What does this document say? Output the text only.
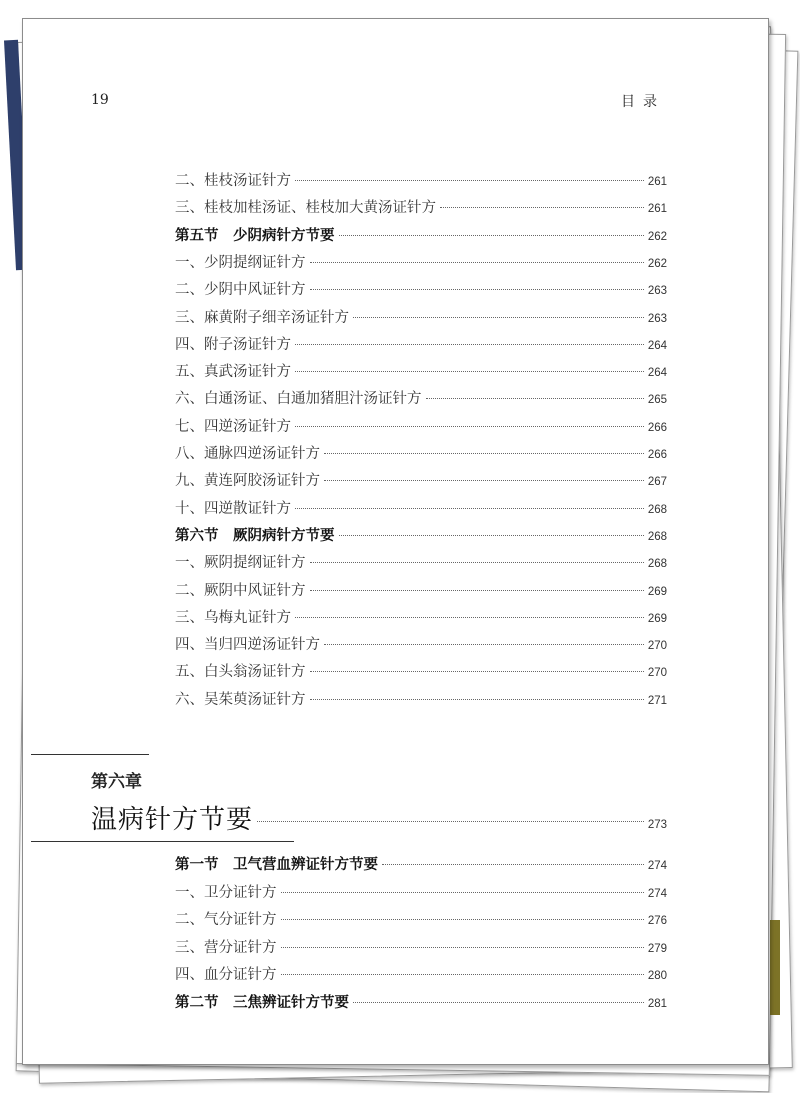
19	目录
二、桂枝汤证针方	261
三、桂枝加桂汤证、桂枝加大黄汤证针方	261
第五节　少阴病针方节要	262
一、少阴提纲证针方	262
二、少阴中风证针方	263
三、麻黄附子细辛汤证针方	263
四、附子汤证针方	264
五、真武汤证针方	264
六、白通汤证、白通加猪胆汁汤证针方	265
七、四逆汤证针方	266
八、通脉四逆汤证针方	266
九、黄连阿胶汤证针方	267
十、四逆散证针方	268
第六节　厥阴病针方节要	268
一、厥阴提纲证针方	268
二、厥阴中风证针方	269
三、乌梅丸证针方	269
四、当归四逆汤证针方	270
五、白头翁汤证针方	270
六、吴茱萸汤证针方	271
第六章
温病针方节要	273
第一节　卫气营血辨证针方节要	274
一、卫分证针方	274
二、气分证针方	276
三、营分证针方	279
四、血分证针方	280
第二节　三焦辨证针方节要	281
